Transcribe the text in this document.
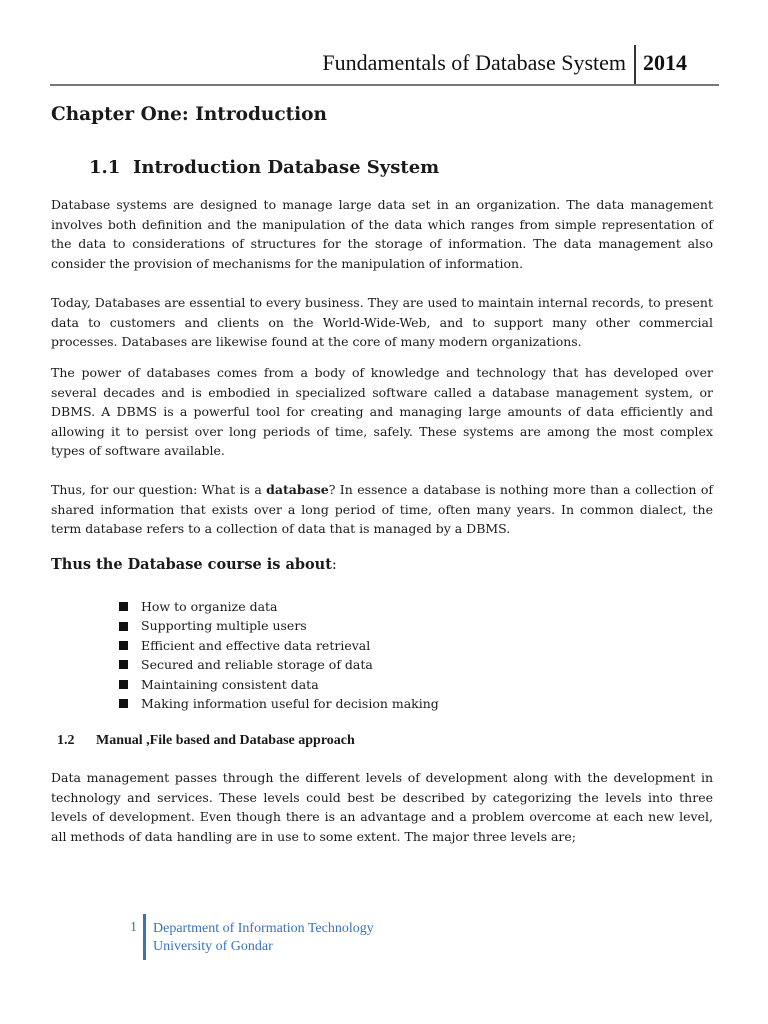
Fundamentals of Database System 2014
Chapter One: Introduction
1.1 Introduction Database System

Database systems are designed to manage large data set in an organization. The data management involves both definition and the manipulation of the data which ranges from simple representation of the data to considerations of structures for the storage of information. The data management also consider the provision of mechanisms for the manipulation of information.

Today, Databases are essential to every business. They are used to maintain internal records, to present data to customers and clients on the World-Wide-Web, and to support many other commercial processes. Databases are likewise found at the core of many modern organizations.

The power of databases comes from a body of knowledge and technology that has developed over several decades and is embodied in specialized software called a database management system, or DBMS. A DBMS is a powerful tool for creating and managing large amounts of data efficiently and allowing it to persist over long periods of time, safely. These systems are among the most complex types of software available.

Thus, for our question: What is a database? In essence a database is nothing more than a collection of shared information that exists over a long period of time, often many years. In common dialect, the term database refers to a collection of data that is managed by a DBMS.

Thus the Database course is about:

How to organize data
Supporting multiple users
Efficient and effective data retrieval
Secured and reliable storage of data
Maintaining consistent data
Making information useful for decision making
1.2 Manual ,File based and Database approach

Data management passes through the different levels of development along with the development in technology and services. These levels could best be described by categorizing the levels into three levels of development. Even though there is an advantage and a problem overcome at each new level, all methods of data handling are in use to some extent. The major three levels are;

1 Department of Information Technology
University of Gondar
